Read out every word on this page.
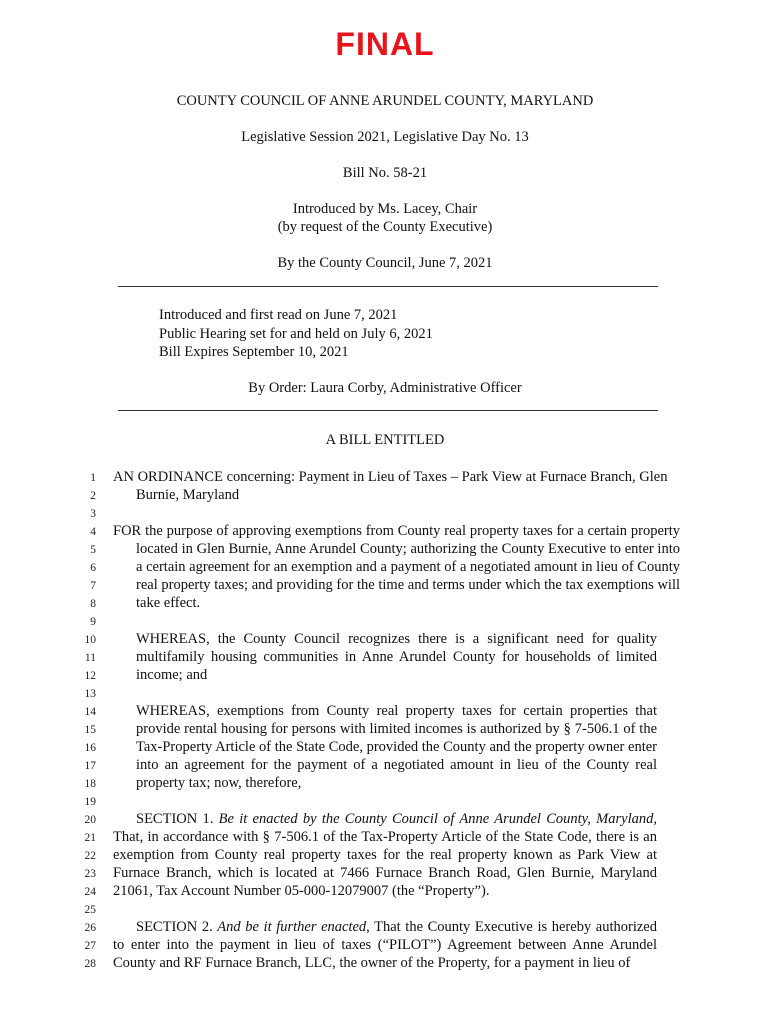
FINAL
COUNTY COUNCIL OF ANNE ARUNDEL COUNTY, MARYLAND
Legislative Session 2021, Legislative Day No. 13
Bill No. 58-21
Introduced by Ms. Lacey, Chair
(by request of the County Executive)
By the County Council, June 7, 2021
Introduced and first read on June 7, 2021
Public Hearing set for and held on July 6, 2021
Bill Expires September 10, 2021
By Order: Laura Corby, Administrative Officer
A BILL ENTITLED
1
2
3
4
5
6
7
8
9
10
11
12
13
14
15
16
17
18
19
20
21
22
23
24
25
26
27
28
AN ORDINANCE concerning: Payment in Lieu of Taxes – Park View at Furnace Branch, Glen Burnie, Maryland
FOR the purpose of approving exemptions from County real property taxes for a certain property located in Glen Burnie, Anne Arundel County; authorizing the County Executive to enter into a certain agreement for an exemption and a payment of a negotiated amount in lieu of County real property taxes; and providing for the time and terms under which the tax exemptions will take effect.
WHEREAS, the County Council recognizes there is a significant need for quality multifamily housing communities in Anne Arundel County for households of limited income; and
WHEREAS, exemptions from County real property taxes for certain properties that provide rental housing for persons with limited incomes is authorized by § 7-506.1 of the Tax-Property Article of the State Code, provided the County and the property owner enter into an agreement for the payment of a negotiated amount in lieu of the County real property tax; now, therefore,
SECTION 1. Be it enacted by the County Council of Anne Arundel County, Maryland, That, in accordance with § 7-506.1 of the Tax-Property Article of the State Code, there is an exemption from County real property taxes for the real property known as Park View at Furnace Branch, which is located at 7466 Furnace Branch Road, Glen Burnie, Maryland 21061, Tax Account Number 05-000-12079007 (the “Property”).
SECTION 2. And be it further enacted, That the County Executive is hereby authorized to enter into the payment in lieu of taxes (“PILOT”) Agreement between Anne Arundel County and RF Furnace Branch, LLC, the owner of the Property, for a payment in lieu of
